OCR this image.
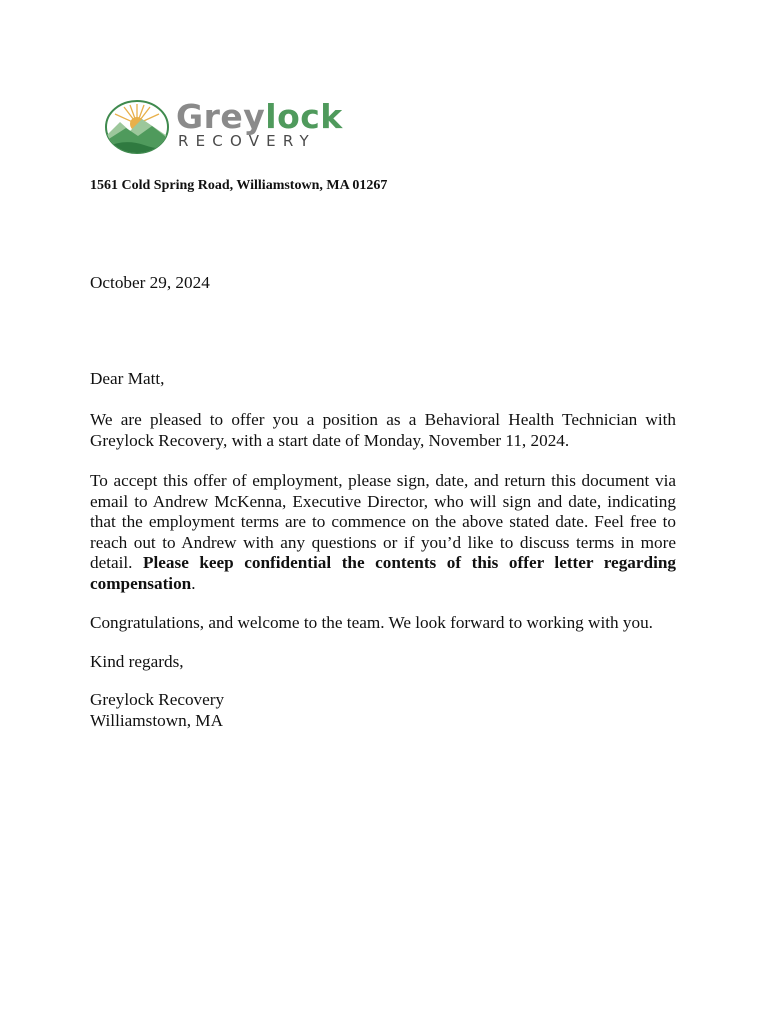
Greylock
RECOVERY
1561 Cold Spring Road, Williamstown, MA 01267

October 29, 2024

Dear Matt,

We are pleased to offer you a position as a Behavioral Health Technician with Greylock Recovery, with a start date of Monday, November 11, 2024.

To accept this offer of employment, please sign, date, and return this document via email to Andrew McKenna, Executive Director, who will sign and date, indicating that the employment terms are to commence on the above stated date. Feel free to reach out to Andrew with any questions or if you’d like to discuss terms in more detail. Please keep confidential the contents of this offer letter regarding compensation.

Congratulations, and welcome to the team. We look forward to working with you.

Kind regards,

Greylock Recovery
Williamstown, MA
